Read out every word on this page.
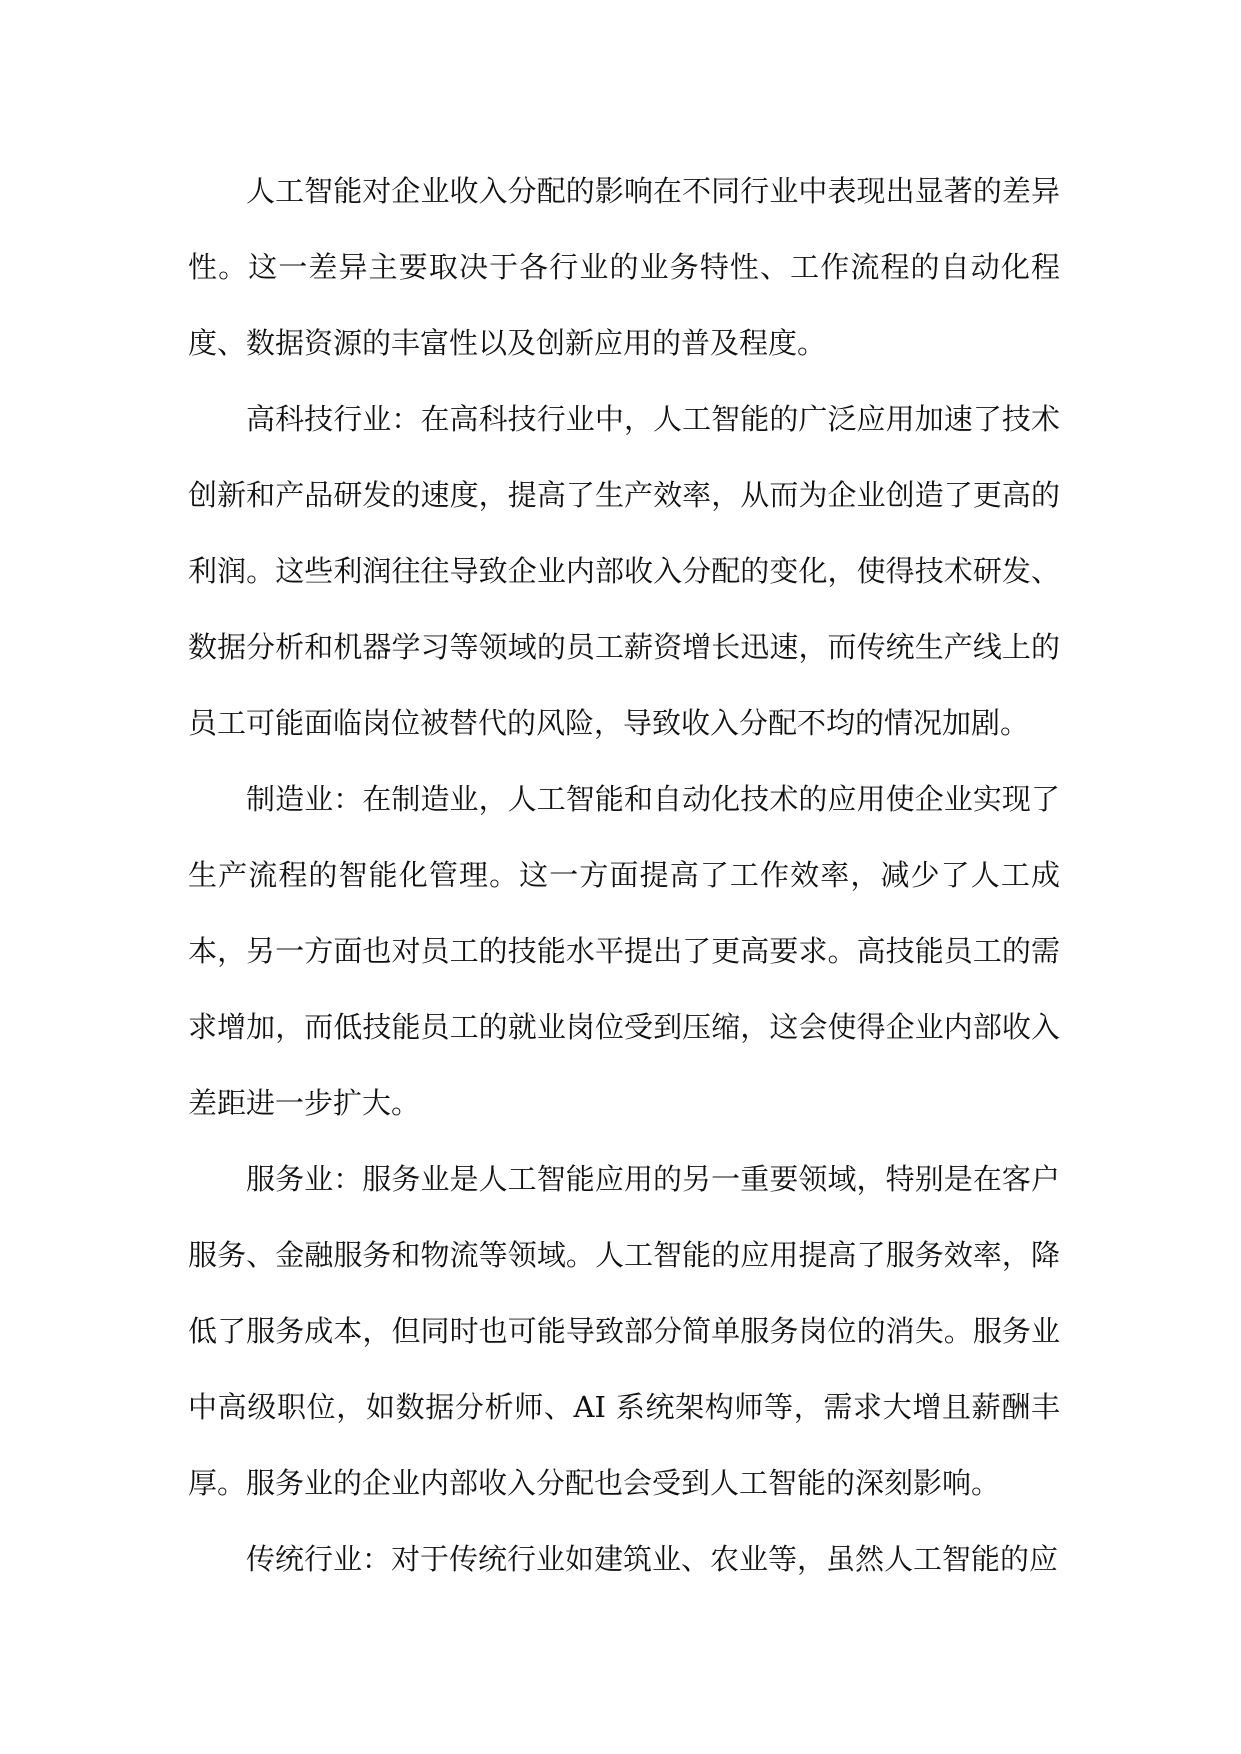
人工智能对企业收入分配的影响在不同行业中表现出显著的差异性。这一差异主要取决于各行业的业务特性、工作流程的自动化程度、数据资源的丰富性以及创新应用的普及程度。

高科技行业：在高科技行业中，人工智能的广泛应用加速了技术创新和产品研发的速度，提高了生产效率，从而为企业创造了更高的利润。这些利润往往导致企业内部收入分配的变化，使得技术研发、数据分析和机器学习等领域的员工薪资增长迅速，而传统生产线上的员工可能面临岗位被替代的风险，导致收入分配不均的情况加剧。

制造业：在制造业，人工智能和自动化技术的应用使企业实现了生产流程的智能化管理。这一方面提高了工作效率，减少了人工成本，另一方面也对员工的技能水平提出了更高要求。高技能员工的需求增加，而低技能员工的就业岗位受到压缩，这会使得企业内部收入差距进一步扩大。

服务业：服务业是人工智能应用的另一重要领域，特别是在客户服务、金融服务和物流等领域。人工智能的应用提高了服务效率，降低了服务成本，但同时也可能导致部分简单服务岗位的消失。服务业中高级职位，如数据分析师、AI 系统架构师等，需求大增且薪酬丰厚。服务业的企业内部收入分配也会受到人工智能的深刻影响。

传统行业：对于传统行业如建筑业、农业等，虽然人工智能的应
